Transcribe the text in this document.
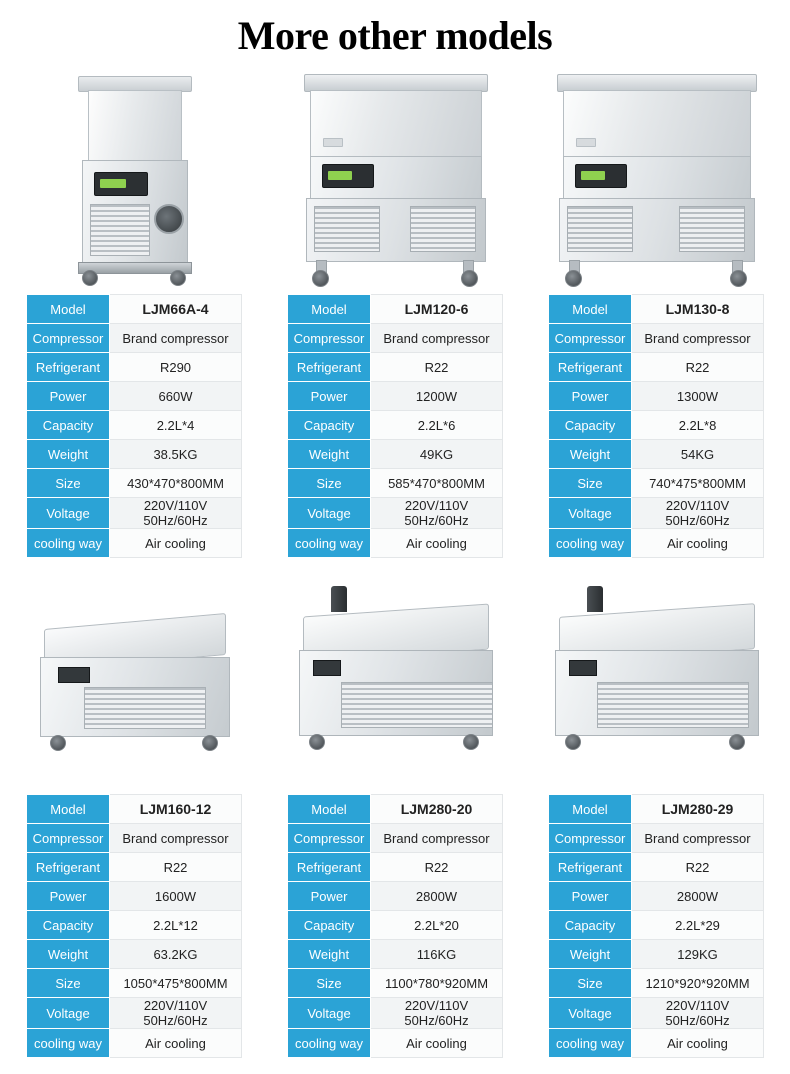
More other models
Model	LJM66A-4
Compressor	Brand compressor
Refrigerant	R290
Power	660W
Capacity	2.2L*4
Weight	38.5KG
Size	430*470*800MM
Voltage	220V/110V 50Hz/60Hz
cooling way	Air cooling
Model	LJM120-6
Compressor	Brand compressor
Refrigerant	R22
Power	1200W
Capacity	2.2L*6
Weight	49KG
Size	585*470*800MM
Voltage	220V/110V 50Hz/60Hz
cooling way	Air cooling
Model	LJM130-8
Compressor	Brand compressor
Refrigerant	R22
Power	1300W
Capacity	2.2L*8
Weight	54KG
Size	740*475*800MM
Voltage	220V/110V 50Hz/60Hz
cooling way	Air cooling
Model	LJM160-12
Compressor	Brand compressor
Refrigerant	R22
Power	1600W
Capacity	2.2L*12
Weight	63.2KG
Size	1050*475*800MM
Voltage	220V/110V 50Hz/60Hz
cooling way	Air cooling
Model	LJM280-20
Compressor	Brand compressor
Refrigerant	R22
Power	2800W
Capacity	2.2L*20
Weight	116KG
Size	1100*780*920MM
Voltage	220V/110V 50Hz/60Hz
cooling way	Air cooling
Model	LJM280-29
Compressor	Brand compressor
Refrigerant	R22
Power	2800W
Capacity	2.2L*29
Weight	129KG
Size	1210*920*920MM
Voltage	220V/110V 50Hz/60Hz
cooling way	Air cooling
